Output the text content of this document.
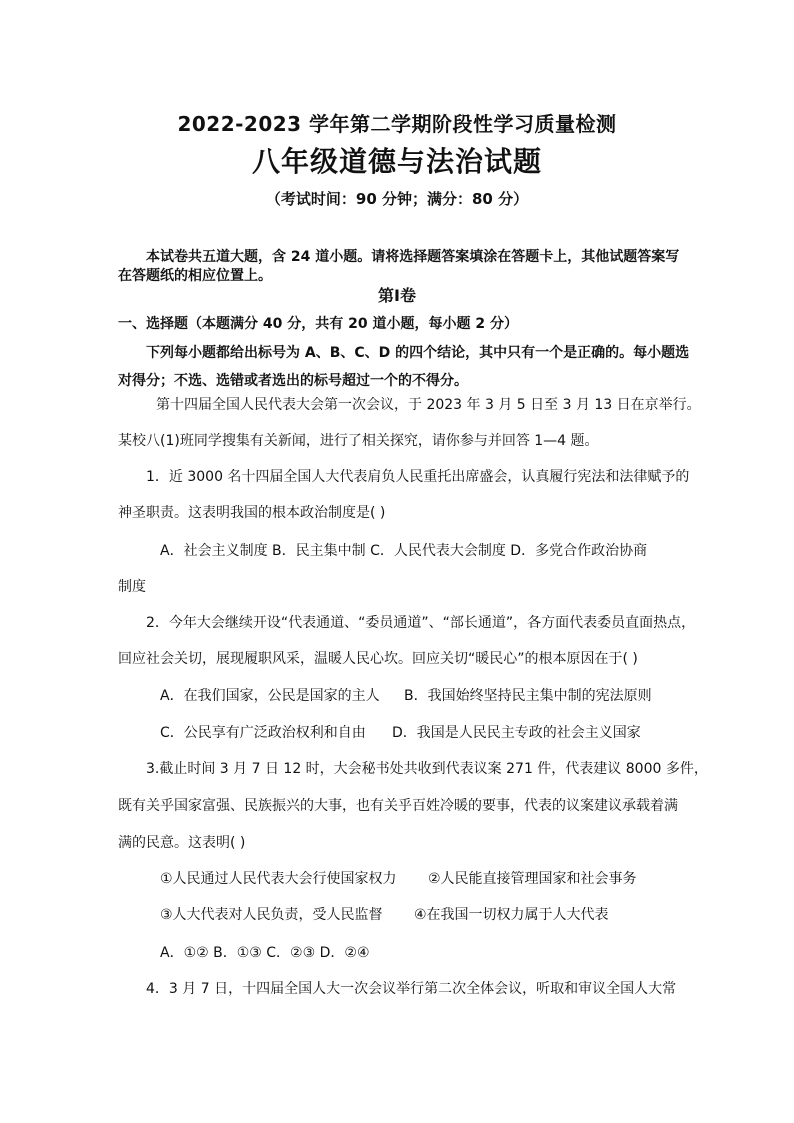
2022-2023 学年第二学期阶段性学习质量检测
八年级道德与法治试题
（考试时间：90 分钟；满分：80 分）
本试卷共五道大题，含 24 道小题。请将选择题答案填涂在答题卡上，其他试题答案写
在答题纸的相应位置上。
第Ⅰ卷
一、选择题（本题满分 40 分，共有 20 道小题，每小题 2 分）
下列每小题都给出标号为 A、B、C、D 的四个结论，其中只有一个是正确的。每小题选
对得分；不选、选错或者选出的标号超过一个的不得分。
第十四届全国人民代表大会第一次会议，于 2023 年 3 月 5 日至 3 月 13 日在京举行。
某校八(1)班同学搜集有关新闻，进行了相关探究，请你参与并回答 1—4 题。
1．近 3000 名十四届全国人大代表肩负人民重托出席盛会，认真履行宪法和法律赋予的
神圣职责。这表明我国的根本政治制度是( )
A．社会主义制度 B．民主集中制 C．人民代表大会制度 D．多党合作政治协商
制度
2．今年大会继续开设“代表通道、“委员通道”、“部长通道”，各方面代表委员直面热点，
回应社会关切，展现履职风采，温暖人民心坎。回应关切“暖民心”的根本原因在于( )
A．在我们国家，公民是国家的主人 B．我国始终坚持民主集中制的宪法原则
C．公民享有广泛政治权利和自由 D．我国是人民民主专政的社会主义国家
3.截止时间 3 月 7 日 12 时，大会秘书处共收到代表议案 271 件，代表建议 8000 多件，
既有关乎国家富强、民族振兴的大事，也有关乎百姓冷暖的要事，代表的议案建议承载着满
满的民意。这表明( )
①人民通过人民代表大会行使国家权力 ②人民能直接管理国家和社会事务
③人大代表对人民负责，受人民监督 ④在我国一切权力属于人大代表
A．①② B．①③ C．②③ D．②④
4．3 月 7 日，十四届全国人大一次会议举行第二次全体会议，听取和审议全国人大常
